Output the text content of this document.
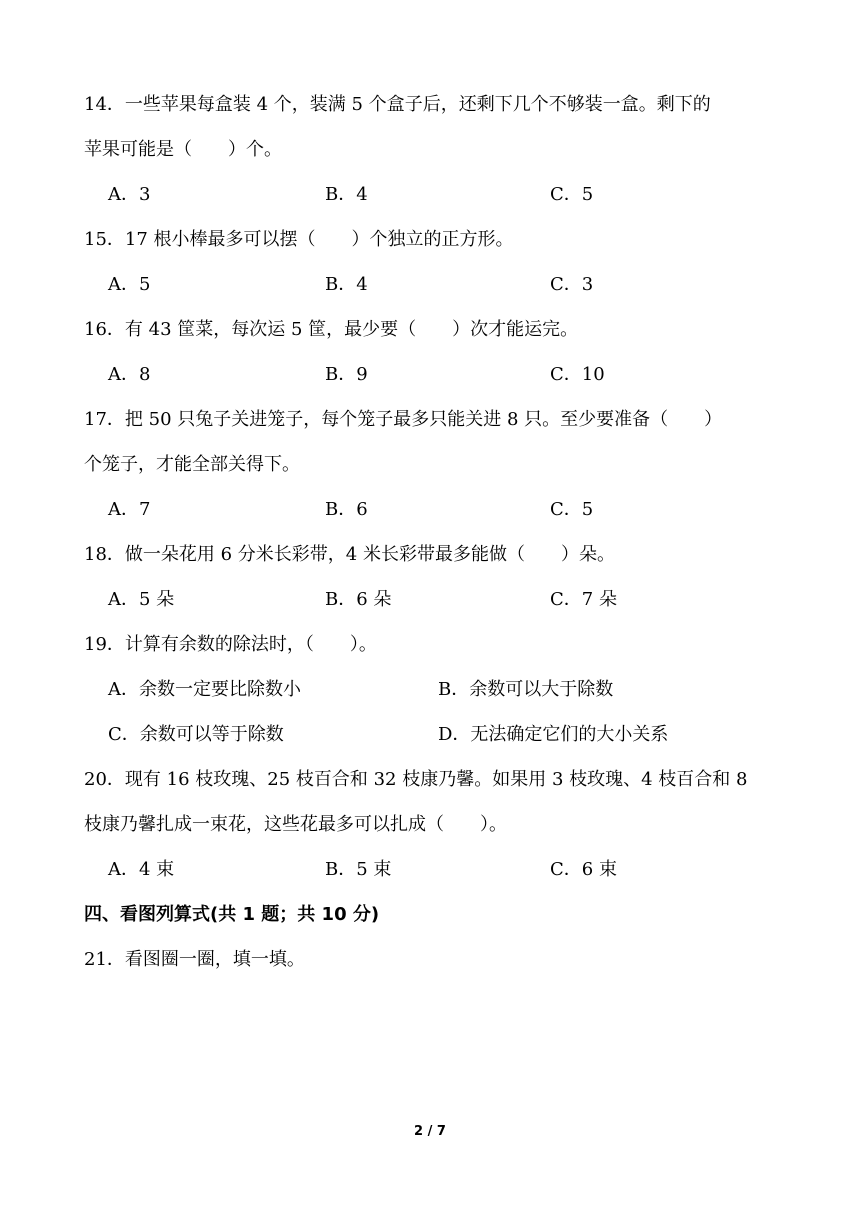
14．一些苹果每盒装 4 个，装满 5 个盒子后，还剩下几个不够装一盒。剩下的
苹果可能是（　　）个。
A．3	B．4	C．5
15．17 根小棒最多可以摆（　　）个独立的正方形。
A．5	B．4	C．3
16．有 43 筐菜，每次运 5 筐，最少要（　　）次才能运完。
A．8	B．9	C．10
17．把 50 只兔子关进笼子，每个笼子最多只能关进 8 只。至少要准备（　　）
个笼子，才能全部关得下。
A．7	B．6	C．5
18．做一朵花用 6 分米长彩带，4 米长彩带最多能做（　　）朵。
A．5 朵	B．6 朵	C．7 朵
19．计算有余数的除法时，（　　）。
A．余数一定要比除数小	B．余数可以大于除数
C．余数可以等于除数	D．无法确定它们的大小关系
20．现有 16 枝玫瑰、25 枝百合和 32 枝康乃馨。如果用 3 枝玫瑰、4 枝百合和 8
枝康乃馨扎成一束花，这些花最多可以扎成（　　）。
A．4 束	B．5 束	C．6 束
四、看图列算式(共 1 题；共 10 分)
21．看图圈一圈，填一填。
2 / 7
